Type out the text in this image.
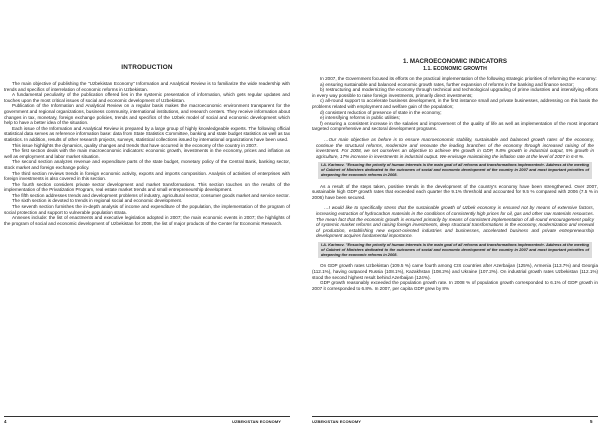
INTRODUCTION

The main objective of publishing the "Uzbekistan Economy" Information and Analytical Review is to familiarize the wide readership with trends and specifics of interrelation of economic reforms in Uzbekistan.

A fundamental peculiarity of the publication offered lies in the systemic presentation of information, which gets regular updates and touches upon the most critical issues of social and economic development of Uzbekistan.

Publication of the Information and Analytical Review on a regular basis makes the macroeconomic environment transparent for the government and regional organizations, business community, international institutions, and research centers. They receive information about changes in tax, monetary, foreign exchange policies, trends and specifics of the Uzbek model of social and economic development which help to have a better idea of the situation.

Each issue of the Information and Analytical Review is prepared by a large group of highly knowledgeable experts. The following official statistical data serves as reference information base: data from State Statistics Committee, banking and state budget statistics as well as tax statistics. In addition, results of other research projects, surveys, statistical collections issued by international organizations have been used.

This issue highlights the dynamics, quality changes and trends that have occurred in the economy of the country in 2007.

The first section deals with the main macroeconomic indicators: economic growth, investments in the economy, prices and inflation as well as employment and labor market situation.

The second section analyzes revenue and expenditure parts of the state budget, monetary policy of the Central Bank, banking sector, stock market and foreign exchange policy.

The third section reviews trends in foreign economic activity, exports and imports composition. Analysis of activities of enterprises with foreign investments is also covered in this section.

The fourth section considers private sector development and market transformations. This section touches on the results of the implementation of the Privatization Program, real estate market trends and small entrepreneurship development.

The fifth section addresses trends and development problems of industry, agricultural sector, consumer goods market and service sector.

The sixth section is devoted to trends in regional social and economic development.

The seventh section furnishes the in-depth analysis of income and expenditure of the population, the implementation of the program of social protection and support to vulnerable population strata.

Annexes include: the list of enactments and executive legislation adopted in 2007; the main economic events in 2007; the highlights of the program of social and economic development of Uzbekistan for 2008, the list of major products of the Center for Economic Research.

4	UZBEKISTAN ECONOMY
1. MACROECONOMIC INDICATORS
1.1. ECONOMIC GROWTH

In 2007, the Government focused its efforts on the practical implementation of the following strategic priorities of reforming the economy:

a) ensuring sustainable and balanced economic growth rates, further expansion of reforms in the banking and finance sector;

b) restructuring and modernizing the economy through technical and technological upgrading of prime industries and intensifying efforts in every way possible to raise foreign investments, primarily direct investments;

c) all-round support to accelerate business development, in the first instance small and private businesses, addressing on this basis the problems related with employment and welfare gain of the population;

d) consistent reduction of presence of state in the economy;

e) intensifying reforms in public utilities;

f) ensuring a consistent increase in the salaries and improvement of the quality of life as well as implementation of the most important targeted comprehensive and sectoral development programs.

…Our main objective as before is to ensure macroeconomic stability, sustainable and balanced growth rates of the economy, continue the structural reforms, modernize and renovate the leading branches of the economy through increased raising of the investment. For 2008, we set ourselves an objective to achieve 8% growth in GDP, 9.8% growth in industrial output, 5% growth in agriculture, 17% increase in investments in industrial output. We envisage maintaining the inflation rate at the level of 2007 in 6-8 %.

I.A. Karimov. "Ensuring the priority of human interests is the main goal of all reforms and transformations implemented». Address at the meeting of Cabinet of Ministers dedicated to the outcomes of social and economic development of the country in 2007 and most important priorities of deepening the economic reforms in 2008.

As a result of the steps taken, positive trends in the development of the country's economy have been strengthened. Over 2007, sustainable high GDP growth rates that exceeded each quarter the 9.1% threshold and accounted for 9.5 % compared with 2006 (7.5 % in 2006) have been secured.

…I would like to specifically stress that the sustainable growth of Uzbek economy is ensured not by means of extensive factors, increasing extraction of hydrocarbon materials in the conditions of consistently high prices for oil, gas and other raw materials resources. The mean fact that the economic growth is ensured primarily by means of consistent implementation of all-round encouragement policy of systemic market reforms and raising foreign investments, deep structural transformations in the economy, modernization and renewal of production, establishing new export-oriented industries and businesses, accelerated business and private entrepreneurship development acquires fundamental importance.

I.A. Karimov. "Ensuring the priority of human interests is the main goal of all reforms and transformations implemented». Address at the meeting of Cabinet of Ministers dedicated to the outcomes of social and economic development of the country in 2007 and most important priorities of deepening the economic reforms in 2008.

On GDP growth rates Uzbekistan (109.5 %) came fourth among CIS countries after Azerbaijan (125%), Armenia (113.7%) and Georgia (112.1%), having outpaced Russia (108.1%), Kazakhstan (108.2%) and Ukraine (107.2%). On industrial growth rates Uzbekistan (112.1%) stood the second highest result behind Azerbaijan (124%).

GDP growth reasonably exceeded the population growth rate. In 2008 % of population growth corresponded to 6.1% of GDP growth in 2007 it corresponded to 6.8%. In 2007, per capita GDP grew by 8%

UZBEKISTAN ECONOMY	5
